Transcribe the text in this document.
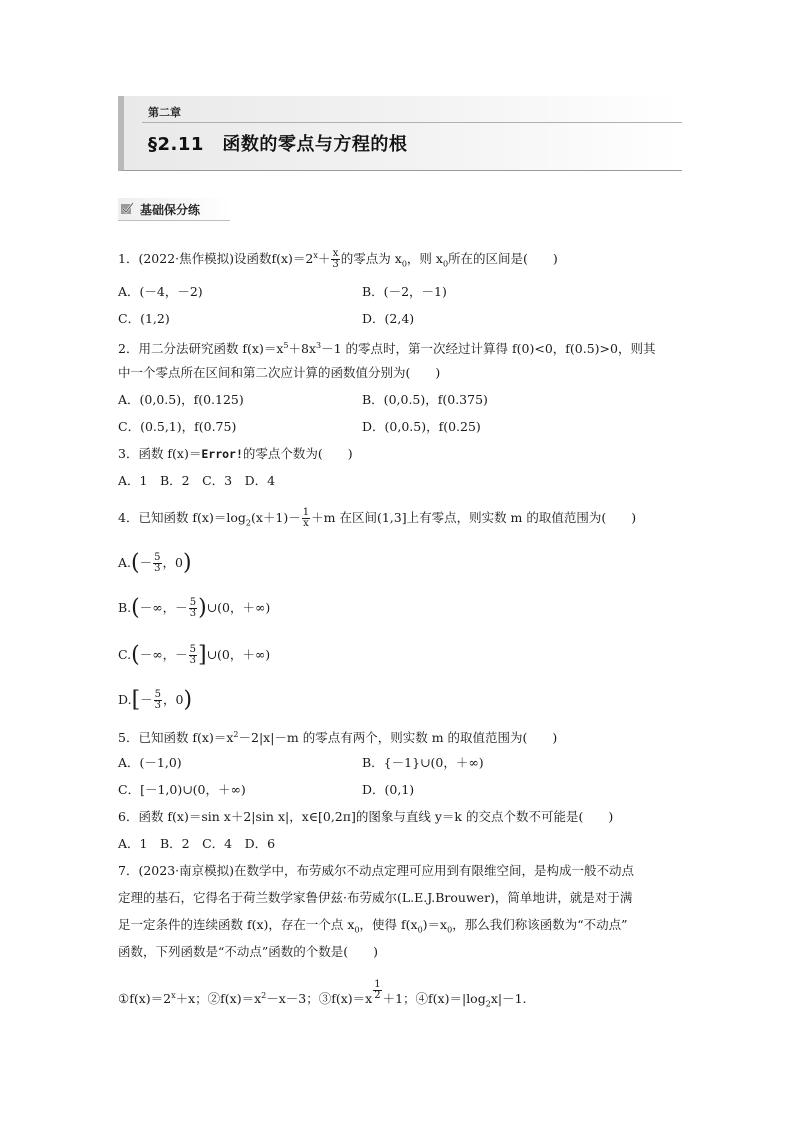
第二章
§2.11　函数的零点与方程的根
基础保分练
1．(2022·焦作模拟)设函数$f(x)=2^x+ \frac{x}{3}$ 的零点为 $x_0$，则 $x_0$所在的区间是(　　)
A．(－4，－2)	B．(－2，－1)
C．(1,2)	D．(2,4)
2．用二分法研究函数 $f(x)=x^5+8x^3-1$ 的零点时，第一次经过计算得 f(0)<0，f(0.5)>0，则其
中一个零点所在区间和第二次应计算的函数值分别为(　　)
A．(0,0.5)，f(0.125)	B．(0,0.5)，f(0.375)
C．(0.5,1)，f(0.75)	D．(0,0.5)，f(0.25)
3．函数 f(x)＝Error!的零点个数为(　　)
A．1　B．2　C．3　D．4
4．已知函数 $f(x)=\log_2(x+1)- \frac{1}{x} +m$ 在区间(1,3]上有零点，则实数 m 的取值范围为(　　)
$A.(- \frac{5}{3}$ ，0)
B.(－∞，－ $\frac{5}{3}$ )∪(0，＋∞)
C.(－∞，－ $\frac{5}{3}$ ]∪(0，＋∞)
$D.[- \frac{5}{3}$ ，0)
5．已知函数 $f(x)=x^2-2|x|-m$ 的零点有两个，则实数 m 的取值范围为(　　)
A．(－1,0)	B．{－1}∪(0，＋∞)
C．[－1,0)∪(0，＋∞)	D．(0,1)
6．函数 f(x)＝sin x＋2|sin x|，x∈[0,2π]的图象与直线 y＝k 的交点个数不可能是(　　)
A．1　B．2　C．4　D．6
7．(2023·南京模拟)在数学中，布劳威尔不动点定理可应用到有限维空间，是构成一般不动点
定理的基石，它得名于荷兰数学家鲁伊兹·布劳威尔(L.E.J.Brouwer)，简单地讲，就是对于满
足一定条件的连续函数 f(x)，存在一个点 $x_0$，使得 $f(x_0)=x_0$，那么我们称该函数为“不动点”
函数，下列函数是“不动点”函数的个数是(　　)
$①f(x)=2^x+x$；$②f(x)=x^2-x-3$；③f(x)＝x $\frac{1}{2} +1$；$④f(x)=|\log_2x|-1$.
